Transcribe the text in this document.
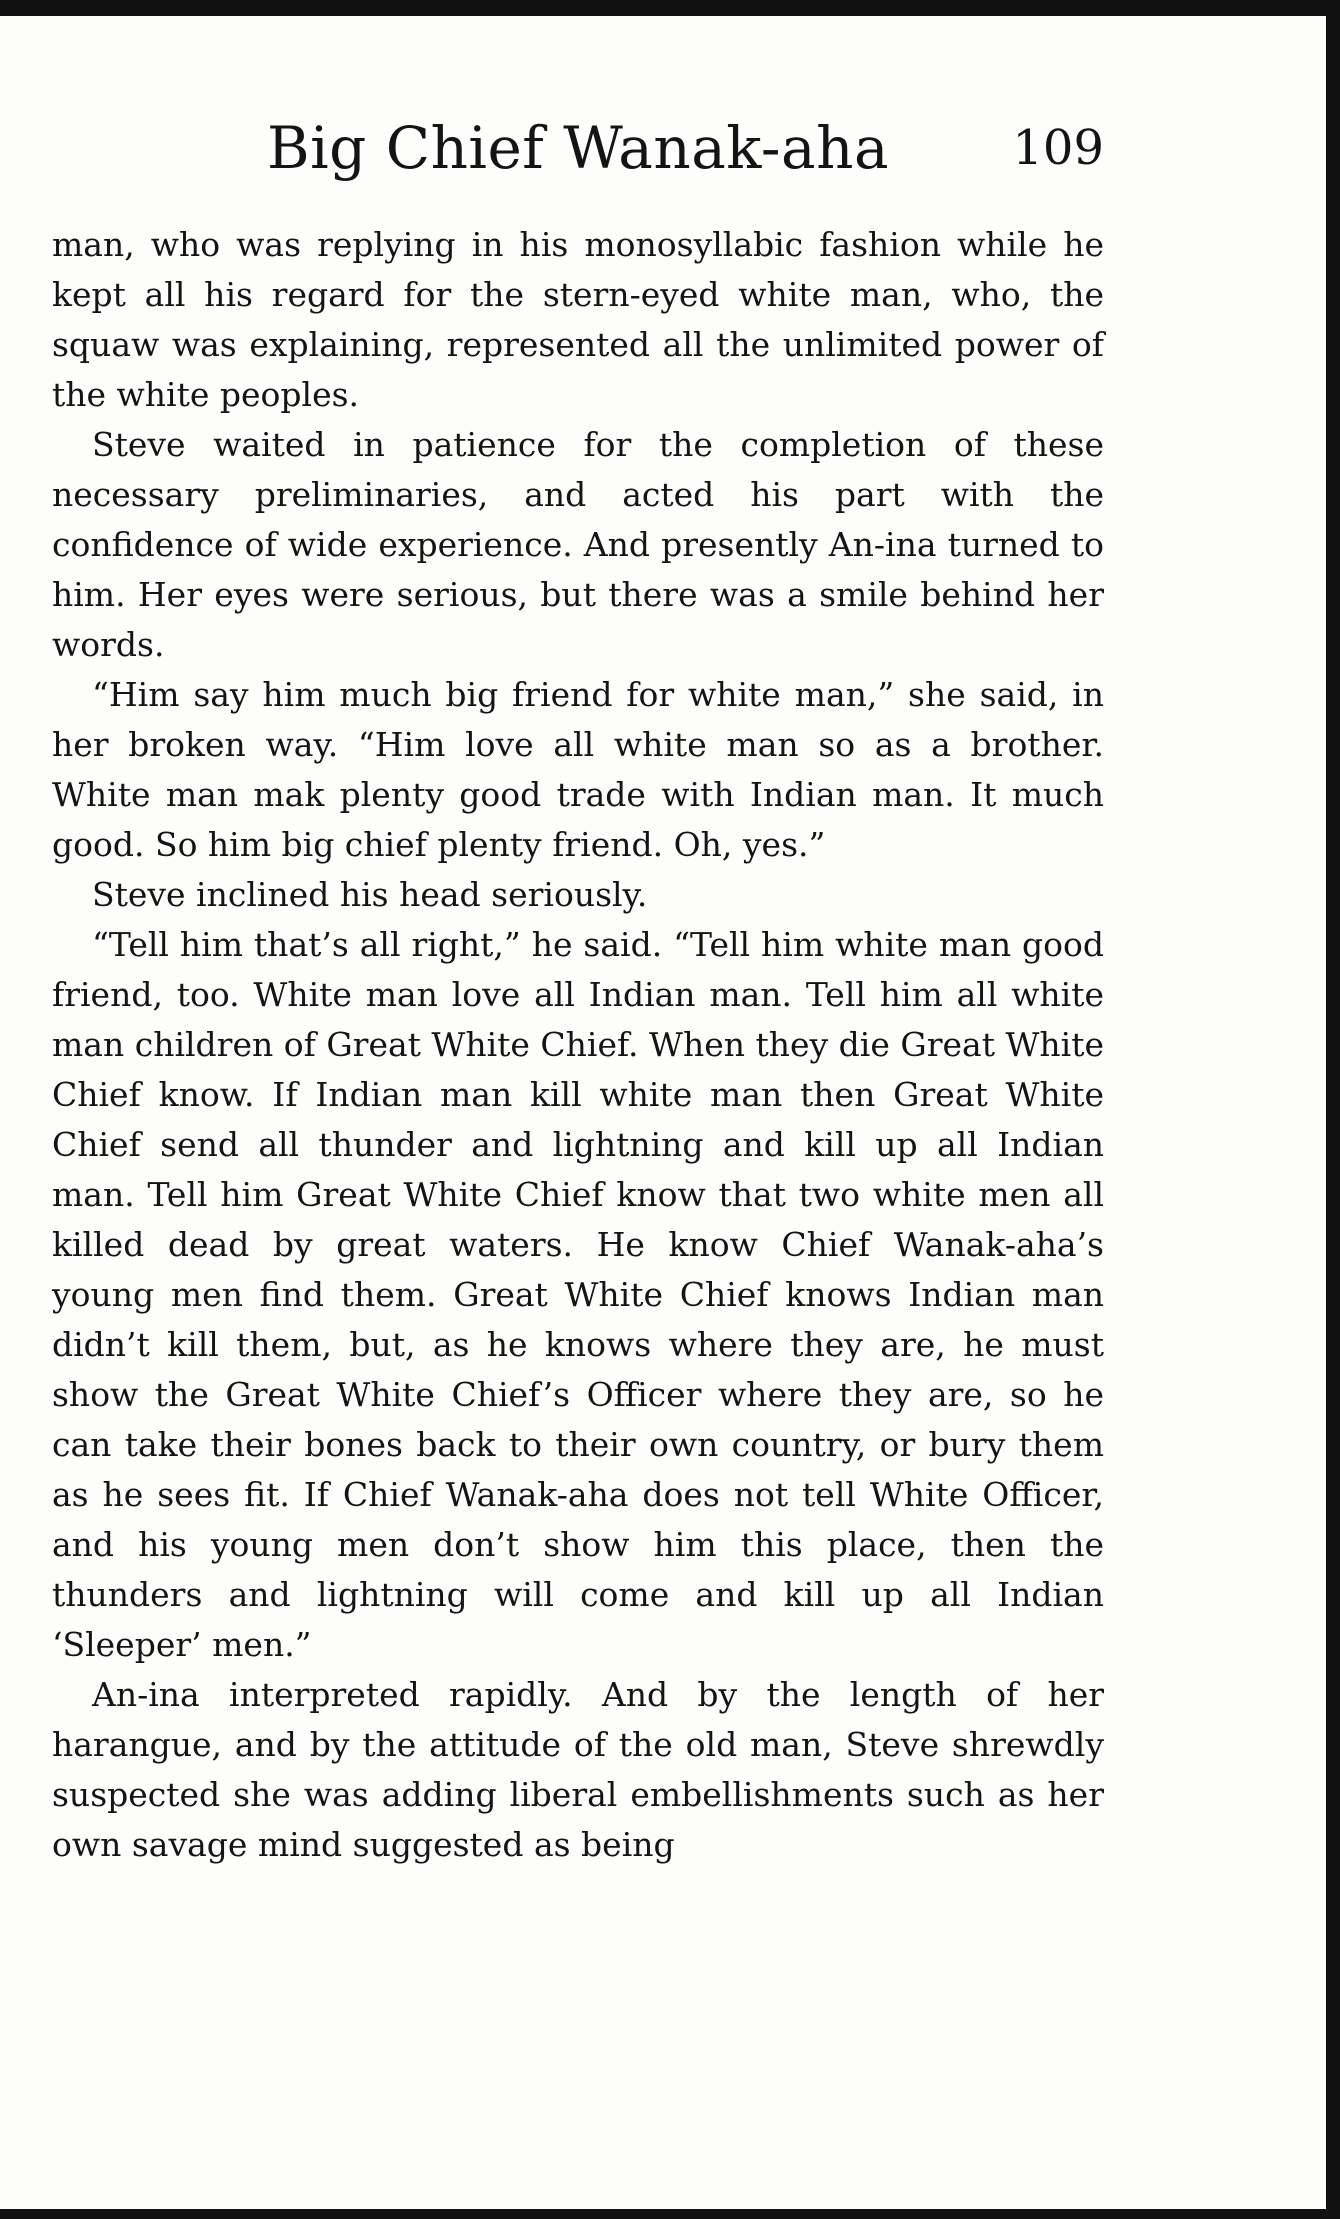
Big Chief Wanak-aha	109

man, who was replying in his monosyllabic fashion while he kept all his regard for the stern-eyed white man, who, the squaw was explaining, represented all the unlimited power of the white peoples.

Steve waited in patience for the completion of these necessary preliminaries, and acted his part with the confidence of wide experience. And presently An-ina turned to him. Her eyes were serious, but there was a smile behind her words.

“Him say him much big friend for white man,” she said, in her broken way. “Him love all white man so as a brother. White man mak plenty good trade with Indian man. It much good. So him big chief plenty friend. Oh, yes.”

Steve inclined his head seriously.

“Tell him that’s all right,” he said. “Tell him white man good friend, too. White man love all Indian man. Tell him all white man children of Great White Chief. When they die Great White Chief know. If Indian man kill white man then Great White Chief send all thunder and lightning and kill up all Indian man. Tell him Great White Chief know that two white men all killed dead by great waters. He know Chief Wanak-aha’s young men find them. Great White Chief knows Indian man didn’t kill them, but, as he knows where they are, he must show the Great White Chief’s Officer where they are, so he can take their bones back to their own country, or bury them as he sees fit. If Chief Wanak-aha does not tell White Officer, and his young men don’t show him this place, then the thunders and lightning will come and kill up all Indian ‘Sleeper’ men.”

An-ina interpreted rapidly. And by the length of her harangue, and by the attitude of the old man, Steve shrewdly suspected she was adding liberal embellishments such as her own savage mind suggested as being
